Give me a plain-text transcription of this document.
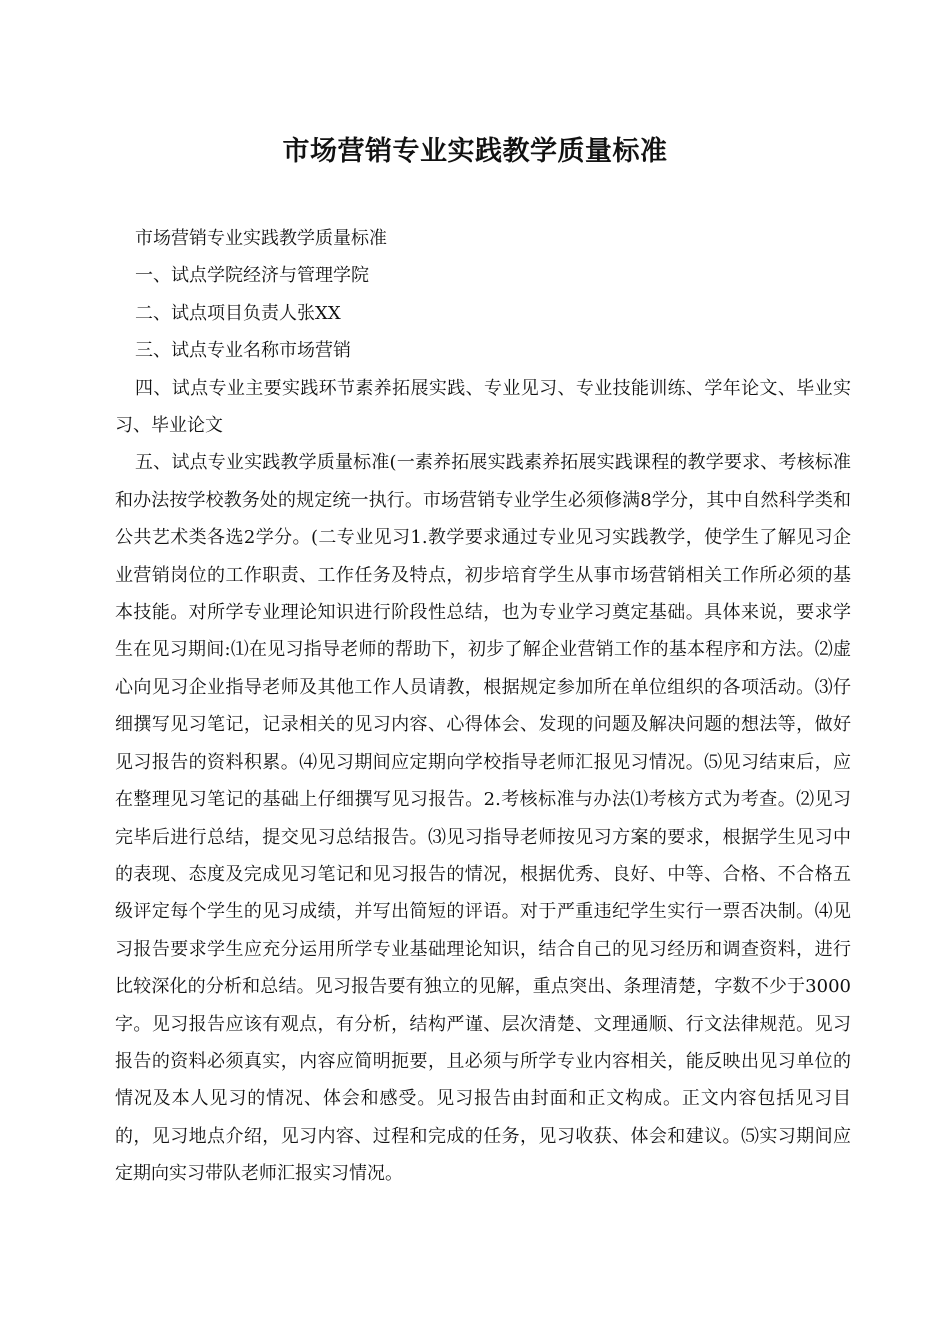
市场营销专业实践教学质量标准

市场营销专业实践教学质量标准

一、试点学院经济与管理学院

二、试点项目负责人张XX

三、试点专业名称市场营销

四、试点专业主要实践环节素养拓展实践、专业见习、专业技能训练、学年论文、毕业实习、毕业论文

五、试点专业实践教学质量标准(一素养拓展实践素养拓展实践课程的教学要求、考核标准和办法按学校教务处的规定统一执行。市场营销专业学生必须修满8学分，其中自然科学类和公共艺术类各选2学分。(二专业见习1.教学要求通过专业见习实践教学，使学生了解见习企业营销岗位的工作职责、工作任务及特点，初步培育学生从事市场营销相关工作所必须的基本技能。对所学专业理论知识进行阶段性总结，也为专业学习奠定基础。具体来说，要求学生在见习期间:⑴在见习指导老师的帮助下，初步了解企业营销工作的基本程序和方法。⑵虚心向见习企业指导老师及其他工作人员请教，根据规定参加所在单位组织的各项活动。⑶仔细撰写见习笔记，记录相关的见习内容、心得体会、发现的问题及解决问题的想法等，做好见习报告的资料积累。⑷见习期间应定期向学校指导老师汇报见习情况。⑸见习结束后，应在整理见习笔记的基础上仔细撰写见习报告。2.考核标准与办法⑴考核方式为考查。⑵见习完毕后进行总结，提交见习总结报告。⑶见习指导老师按见习方案的要求，根据学生见习中的表现、态度及完成见习笔记和见习报告的情况，根据优秀、良好、中等、合格、不合格五级评定每个学生的见习成绩，并写出简短的评语。对于严重违纪学生实行一票否决制。⑷见习报告要求学生应充分运用所学专业基础理论知识，结合自己的见习经历和调查资料，进行比较深化的分析和总结。见习报告要有独立的见解，重点突出、条理清楚，字数不少于3000字。见习报告应该有观点，有分析，结构严谨、层次清楚、文理通顺、行文法律规范。见习报告的资料必须真实，内容应简明扼要，且必须与所学专业内容相关，能反映出见习单位的情况及本人见习的情况、体会和感受。见习报告由封面和正文构成。正文内容包括见习目的，见习地点介绍，见习内容、过程和完成的任务，见习收获、体会和建议。⑸实习期间应定期向实习带队老师汇报实习情况。
